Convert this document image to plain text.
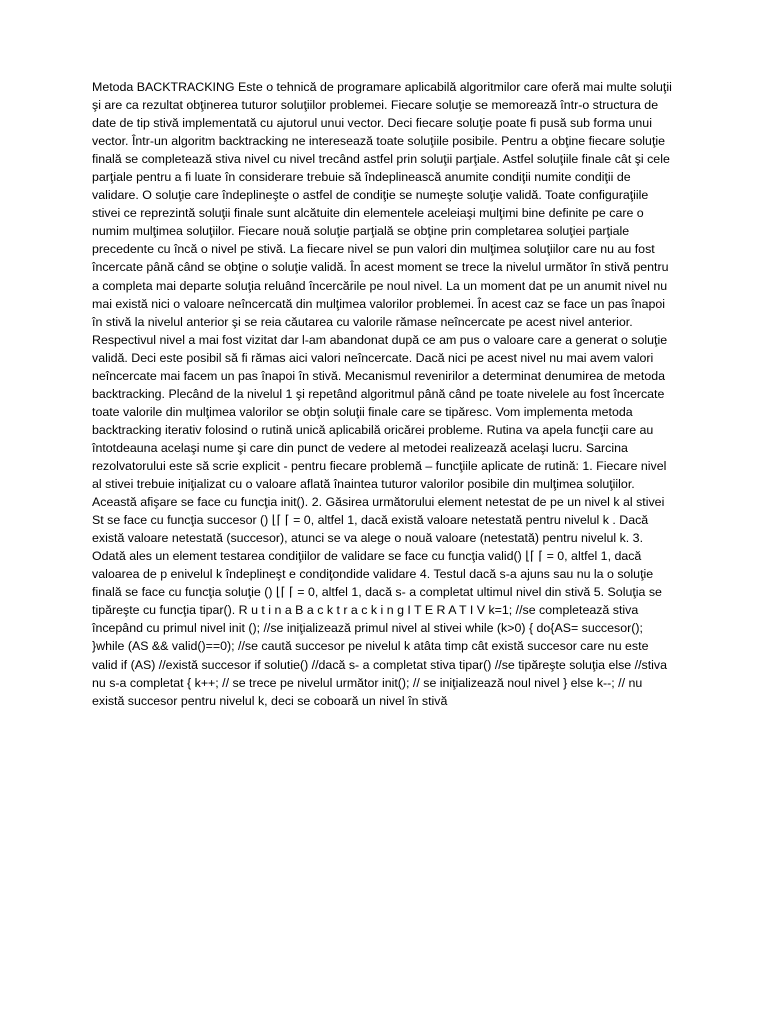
Metoda BACKTRACKING Este o tehnică de programare aplicabilă algoritmilor care oferă mai multe soluţii şi are ca rezultat obţinerea tuturor soluţiilor problemei. Fiecare soluţie se memorează într-o structura de date de tip stivă implementată cu ajutorul unui vector. Deci fiecare soluţie poate fi pusă sub forma unui vector. Într-un algoritm backtracking ne interesează toate soluţiile posibile. Pentru a obţine fiecare soluţie finală se completează stiva nivel cu nivel trecând astfel prin soluţii parţiale. Astfel soluţiile finale cât şi cele parţiale pentru a fi luate în considerare trebuie să îndeplinească anumite condiţii numite condiţii de validare. O soluţie care îndeplineşte o astfel de condiţie se numeşte soluţie validă. Toate configuraţiile stivei ce reprezintă soluţii finale sunt alcătuite din elementele aceleiaşi mulţimi bine definite pe care o numim mulţimea soluţiilor. Fiecare nouă soluţie parţială se obţine prin completarea soluţiei parţiale precedente cu încă o nivel pe stivă. La fiecare nivel se pun valori din mulţimea soluţiilor care nu au fost încercate până când se obţine o soluţie validă. În acest moment se trece la nivelul următor în stivă pentru a completa mai departe soluţia reluând încercările pe noul nivel. La un moment dat pe un anumit nivel nu mai există nici o valoare neîncercată din mulţimea valorilor problemei. În acest caz se face un pas înapoi în stivă la nivelul anterior şi se reia căutarea cu valorile rămase neîncercate pe acest nivel anterior. Respectivul nivel a mai fost vizitat dar l-am abandonat după ce am pus o valoare care a generat o soluţie validă. Deci este posibil să fi rămas aici valori neîncercate. Dacă nici pe acest nivel nu mai avem valori neîncercate mai facem un pas înapoi în stivă. Mecanismul revenirilor a determinat denumirea de metoda backtracking. Plecând de la nivelul 1 şi repetând algoritmul până când pe toate nivelele au fost încercate toate valorile din mulţimea valorilor se obţin soluţii finale care se tipăresc. Vom implementa metoda backtracking iterativ folosind o rutină unică aplicabilă oricărei probleme. Rutina va apela funcţii care au întotdeauna acelaşi nume şi care din punct de vedere al metodei realizează acelaşi lucru. Sarcina rezolvatorului este să scrie explicit - pentru fiecare problemă – funcţiile aplicate de rutină: 1. Fiecare nivel al stivei trebuie iniţializat cu o valoare aflată înaintea tuturor valorilor posibile din mulţimea soluţiilor. Această afişare se face cu funcţia init(). 2. Găsirea următorului element netestat de pe un nivel k al stivei St se face cu funcţia succesor () ⌊⌈ ⌈ = 0, altfel 1, dacă există valoare netestată pentru nivelul k . Dacă există valoare netestată (succesor), atunci se va alege o nouă valoare (netestată) pentru nivelul k. 3. Odată ales un element testarea condiţiilor de validare se face cu funcţia valid() ⌊⌈ ⌈ = 0, altfel 1, dacă valoarea de p enivelul k îndeplineşt e condiţondide validare 4. Testul dacă s-a ajuns sau nu la o soluţie finală se face cu funcţia soluţie () ⌊⌈ ⌈ = 0, altfel 1, dacă s- a completat ultimul nivel din stivă 5. Soluţia se tipăreşte cu funcţia tipar(). R u t i n a B a c k t r a c k i n g I T E R A T I V k=1; //se completează stiva începând cu primul nivel init (); //se iniţializează primul nivel al stivei while (k>0) { do{AS= succesor(); }while (AS && valid()==0); //se caută succesor pe nivelul k atâta timp cât există succesor care nu este valid if (AS) //există succesor if solutie() //dacă s- a completat stiva tipar() //se tipăreşte soluţia else //stiva nu s-a completat { k++; // se trece pe nivelul următor init(); // se iniţializează noul nivel } else k--; // nu există succesor pentru nivelul k, deci se coboară un nivel în stivă
